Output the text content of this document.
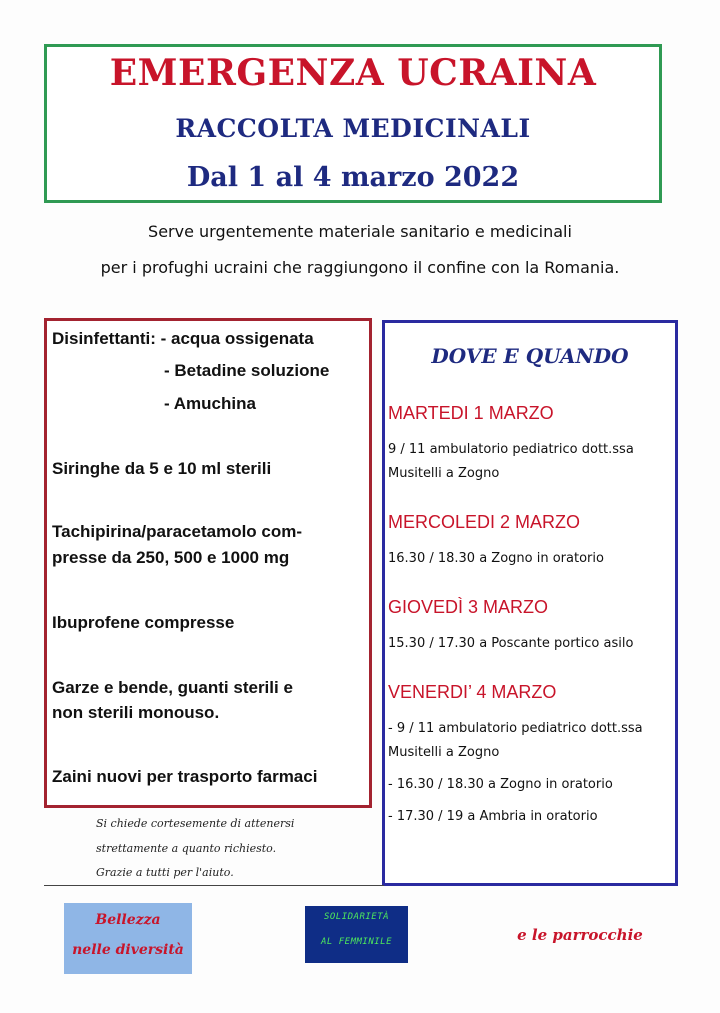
EMERGENZA UCRAINA
RACCOLTA MEDICINALI
Dal 1 al 4 marzo 2022
Serve urgentemente materiale sanitario e medicinali
per i profughi ucraini che raggiungono il confine con la Romania.
Disinfettanti: - acqua ossigenata
- Betadine soluzione
- Amuchina
Siringhe da 5 e 10 ml sterili
Tachipirina/paracetamolo com-
presse da 250, 500 e 1000 mg
Ibuprofene compresse
Garze e bende, guanti sterili e
non sterili monouso.
Zaini nuovi per trasporto farmaci
Si chiede cortesemente di attenersi
strettamente a quanto richiesto.
Grazie a tutti per l'aiuto.
DOVE E QUANDO
MARTEDI 1 MARZO
9 / 11 ambulatorio pediatrico dott.ssa
Musitelli a Zogno
MERCOLEDI 2 MARZO
16.30 / 18.30 a Zogno in oratorio
GIOVEDÌ 3 MARZO
15.30 / 17.30 a Poscante portico asilo
VENERDI’ 4 MARZO
- 9 / 11 ambulatorio pediatrico dott.ssa
Musitelli a Zogno
- 16.30 / 18.30 a Zogno in oratorio
- 17.30 / 19 a Ambria in oratorio
Bellezza
nelle diversità
SOLIDARIETÀ
AL FEMMINILE	e le parrocchie
